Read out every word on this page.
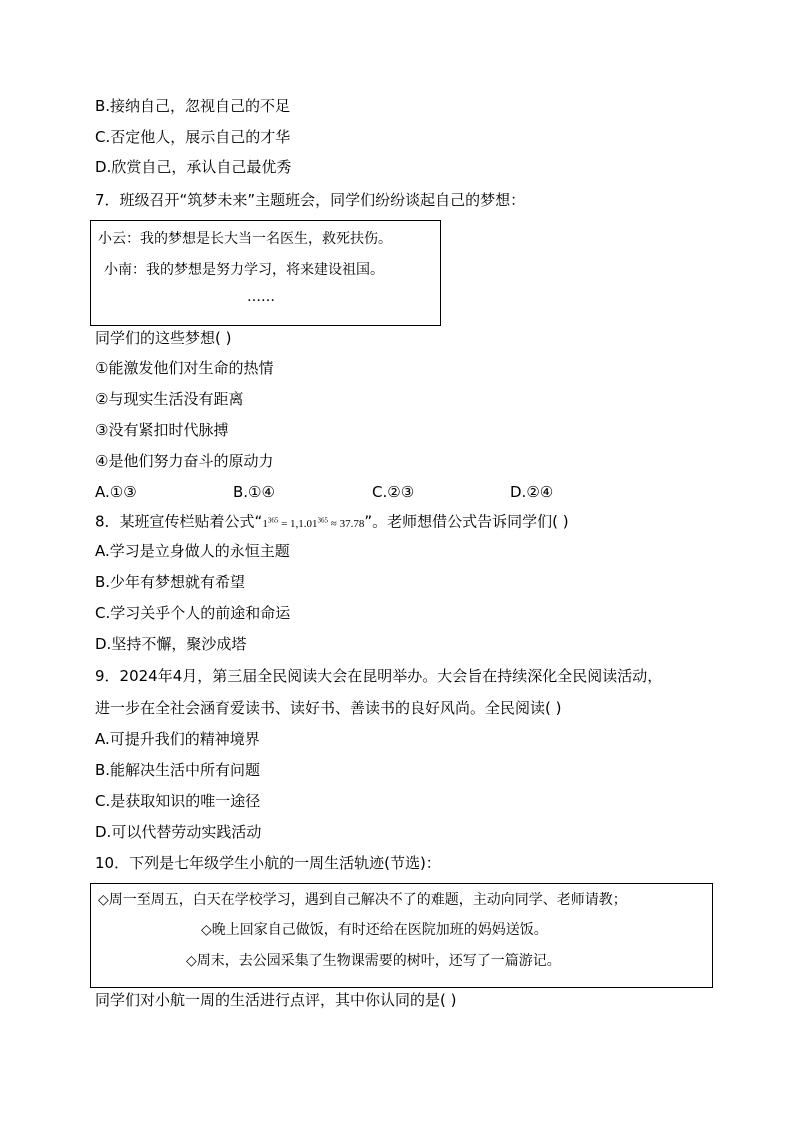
B.接纳自己，忽视自己的不足
C.否定他人，展示自己的才华
D.欣赏自己，承认自己最优秀
7．班级召开“筑梦未来”主题班会，同学们纷纷谈起自己的梦想：
小云：我的梦想是长大当一名医生，救死扶伤。
小南：我的梦想是努力学习，将来建设祖国。
……
同学们的这些梦想( )
①能激发他们对生命的热情
②与现实生活没有距离
③没有紧扣时代脉搏
④是他们努力奋斗的原动力
A.①③	B.①④	C.②③	D.②④
8．某班宣传栏贴着公式“$1^{365} = 1,1.01^{365} \approx 37.78$”。老师想借公式告诉同学们( )
A.学习是立身做人的永恒主题
B.少年有梦想就有希望
C.学习关乎个人的前途和命运
D.坚持不懈，聚沙成塔
9．2024年4月，第三届全民阅读大会在昆明举办。大会旨在持续深化全民阅读活动，
进一步在全社会涵育爱读书、读好书、善读书的良好风尚。全民阅读( )
A.可提升我们的精神境界
B.能解决生活中所有问题
C.是获取知识的唯一途径
D.可以代替劳动实践活动
10．下列是七年级学生小航的一周生活轨迹(节选)：
◇周一至周五，白天在学校学习，遇到自己解决不了的难题，主动向同学、老师请教；
◇晚上回家自己做饭，有时还给在医院加班的妈妈送饭。
◇周末，去公园采集了生物课需要的树叶，还写了一篇游记。
同学们对小航一周的生活进行点评，其中你认同的是( )
